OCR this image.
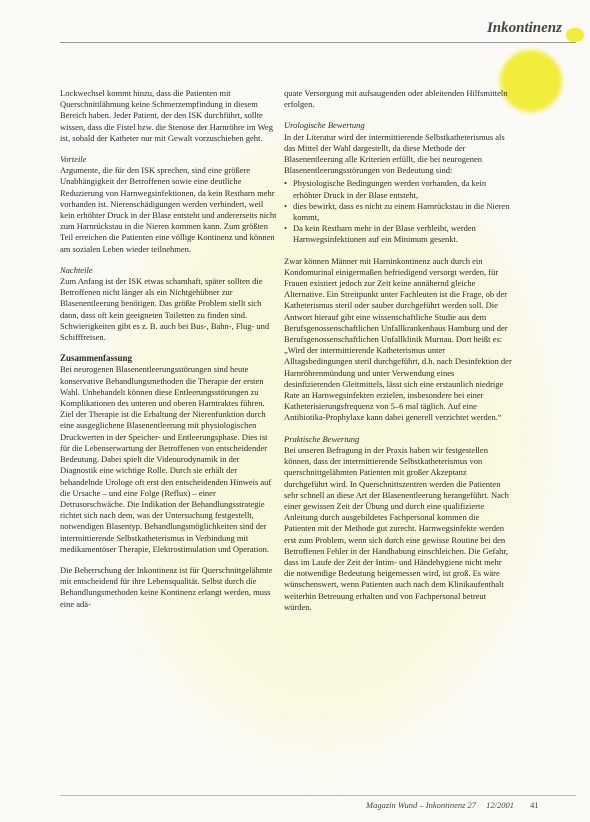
Inkontinenz

Lockwechsel kommt hinzu, dass die Patienten mit Querschnittlähmung keine Schmerzempfindung in diesem Bereich haben. Jeder Patient, der den ISK durchführt, sollte wissen, dass die Fistel bzw. die Stenose der Harnröhre im Weg ist, sobald der Katheter nur mit Gewalt vorzuschieben geht.

Vorteile

Argumente, die für den ISK sprechen, sind eine größere Unabhängigkeit der Betroffenen sowie eine deutliche Reduzierung von Harnwegsinfektionen, da kein Restharn mehr vorhanden ist. Nierenschädigungen werden verhindert, weil kein erhöhter Druck in der Blase entsteht und andererseits nicht zum Harnrückstau in die Nieren kommen kann. Zum größten Teil erreichen die Patienten eine völlige Kontinenz und können am sozialen Leben wieder teilnehmen.

Nachteile

Zum Anfang ist der ISK etwas schamhaft, später sollten die Betroffenen nicht länger als ein Nichtgehübner zur Blasenentleerung benötigen. Das größte Problem stellt sich dann, dass oft kein geeigneten Toiletten zu finden sind. Schwierigkeiten gibt es z. B. auch bei Bus-, Bahn-, Flug- und Schifffreisen.

Zusammenfassung

Bei neurogenen Blasenentleerungsstörungen sind heute konservative Behandlungsmethoden die Therapie der ersten Wahl. Unbehandelt können diese Entleerungsstörungen zu Komplikationen des unteren und oberen Harntraktes führen. Ziel der Therapie ist die Erhaltung der Nierenfunktion durch eine ausgeglichene Blasenentleerung mit physiologischen Druckwerten in der Speicher- und Entleerungsphase. Dies ist für die Lebenserwartung der Betroffenen von entscheidender Bedeutung. Dabei spielt die Videourodynamik in der Diagnostik eine wichtige Rolle. Durch sie erhält der behandelnde Urologe oft erst den entscheidenden Hinweis auf die Ursache – und eine Folge (Reflux) – einer Detrusorschwäche. Die Indikation der Behandlungsstrategie richtet sich nach dem, was der Untersuchung festgestellt, notwendigen Blasentyp. Behandlungsmöglichkeiten sind der intermittierende Selbstkatheterismus in Verbindung mit medikamentöser Therapie, Elektrostimulation und Operation.

Die Beherrschung der Inkontinenz ist für Querschnittgelähmte mit entscheidend für ihre Lebensqualität. Selbst durch die Behandlungsmethoden keine Kontinenz erlangt werden, muss eine adä-

quate Versorgung mit aufsaugenden oder ableitenden Hilfsmitteln erfolgen.

Urologische Bewertung

In der Literatur wird der intermittierende Selbstkatheterismus als das Mittel der Wahl dargestellt, da diese Methode der Blasenentleerung alle Kriterien erfüllt, die bei neurogenen Blasenentleerungsstörungen von Bedeutung sind:

• Physiologische Bedingungen werden vorhanden, da kein erhöhter Druck in der Blase entsteht,
• dies bewirkt, dass es nicht zu einem Harnrückstau in die Nieren kommt,
• Da kein Restharn mehr in der Blase verbleibt, werden Harnwegsinfektionen auf ein Minimum gesenkt.

Zwar können Männer mit Harninkontinenz auch durch ein Kondomurinal einigermaßen befriedigend versorgt werden, für Frauen existiert jedoch zur Zeit keine annähernd gleiche Alternative. Ein Streitpunkt unter Fachleuten ist die Frage, ob der Katheterismus steril oder sauber durchgeführt werden soll. Die Antwort hierauf gibt eine wissenschaftliche Studie aus dem Berufsgenossenschaftlichen Unfallkrankenhaus Hamburg und der Berufsgenossenschaftlichen Unfallklinik Murnau. Dort heißt es: „Wird der intermittierende Katheterismus unter Alltagsbedingungen steril durchgeführt, d.h. nach Desinfektion der Harnröhrenmündung und unter Verwendung eines desinfizierenden Gleitmittels, lässt sich eine erstaunlich niedrige Rate an Harnwegsinfekten erzielen, insbesondere bei einer Katheterisierungsfrequenz von 5–6 mal täglich. Auf eine Antibiotika-Prophylaxe kann dabei generell verzichtet werden.“

Praktische Bewertung

Bei unseren Befragung in der Praxis haben wir festgestellen können, dass der intermittierende Selbstkatheterismus von querschnittgelähmten Patienten mit großer Akzeptanz durchgeführt wird. In Querschnittszentren werden die Patienten sehr schnell an diese Art der Blasenentleerung herangeführt. Nach einer gewissen Zeit der Übung und durch eine qualifizierte Anleitung durch ausgebildetes Fachpersonal kommen die Patienten mit der Methode gut zurecht. Harnwegsinfekte werden erst zum Problem, wenn sich durch eine gewisse Routine bei den Betroffenen Fehler in der Handhabung einschleichen. Die Gefahr, dass im Laufe der Zeit der Intim- und Händehygiene nicht mehr die notwendige Bedeutung beigemessen wird, ist groß. Es wäre wünschenswert, wenn Patienten auch nach dem Klinikaufenthalt weiterhin Betreuung erhalten und von Fachpersonal betreut würden.

Magazin Wund – Inkontinenz 27 12/2001 41
